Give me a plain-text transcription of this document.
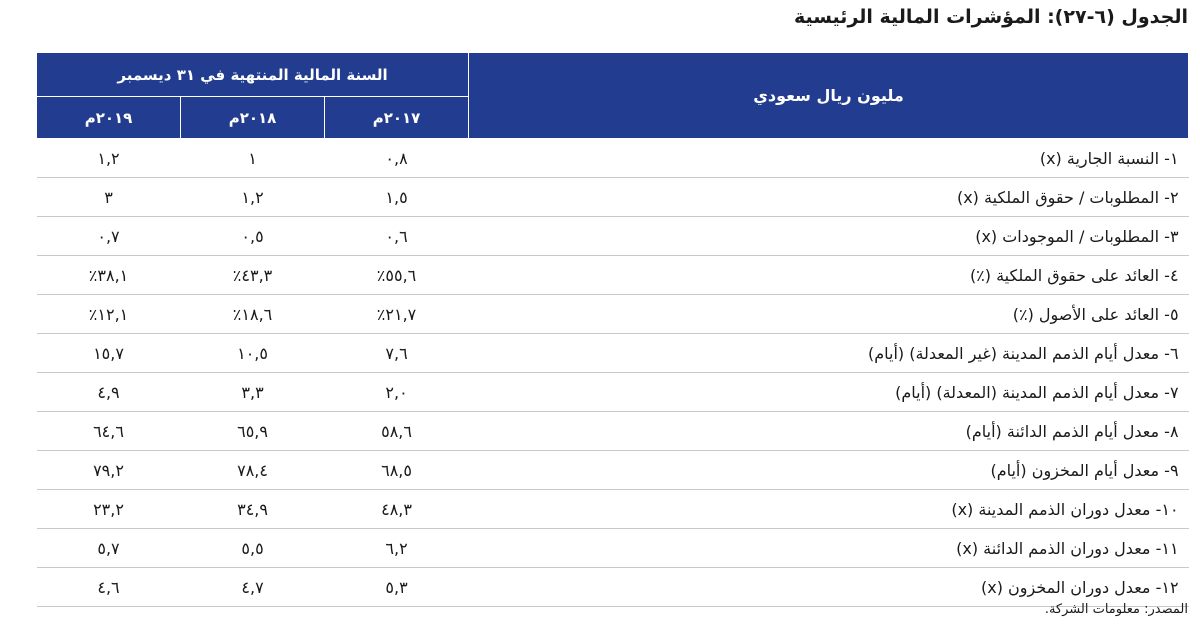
الجدول (٦-٢٧): المؤشرات المالية الرئيسية
مليون ريال سعودي	السنة المالية المنتهية في ٣١ ديسمبر		
	٢٠١٧م	٢٠١٨م	٢٠١٩م
١- النسبة الجارية (x)	٠,٨	١	١,٢
٢- المطلوبات / حقوق الملكية (x)	١,٥	١,٢	٣
٣- المطلوبات / الموجودات (x)	٠,٦	٠,٥	٠,٧
٤- العائد على حقوق الملكية (٪)	٥٥,٦٪	٤٣,٣٪	٣٨,١٪
٥- العائد على الأصول (٪)	٢١,٧٪	١٨,٦٪	١٢,١٪
٦- معدل أيام الذمم المدينة (غير المعدلة) (أيام)	٧,٦	١٠,٥	١٥,٧
٧- معدل أيام الذمم المدينة (المعدلة) (أيام)	٢,٠	٣,٣	٤,٩
٨- معدل أيام الذمم الدائنة (أيام)	٥٨,٦	٦٥,٩	٦٤,٦
٩- معدل أيام المخزون (أيام)	٦٨,٥	٧٨,٤	٧٩,٢
١٠- معدل دوران الذمم المدينة (x)	٤٨,٣	٣٤,٩	٢٣,٢
١١- معدل دوران الذمم الدائنة (x)	٦,٢	٥,٥	٥,٧
١٢- معدل دوران المخزون (x)	٥,٣	٤,٧	٤,٦
المصدر: معلومات الشركة.
